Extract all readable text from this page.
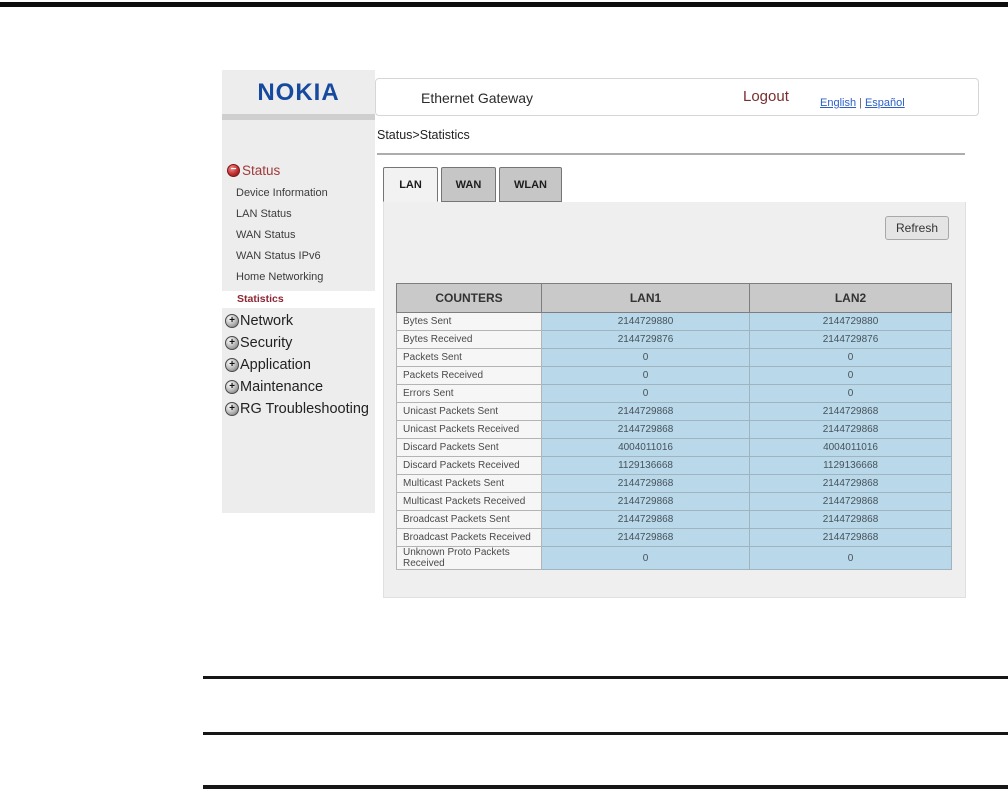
NOKIA	Ethernet Gateway	Logout	English | Español
− Status
Device Information
LAN Status
WAN Status
WAN Status IPv6
Home Networking
Statistics
+ Network
+ Security
+ Application
+ Maintenance
+ RG Troubleshooting
Status>Statistics
LAN	WAN	WLAN
Refresh
COUNTERS	LAN1	LAN2
Bytes Sent	2144729880	2144729880
Bytes Received	2144729876	2144729876
Packets Sent	0	0
Packets Received	0	0
Errors Sent	0	0
Unicast Packets Sent	2144729868	2144729868
Unicast Packets Received	2144729868	2144729868
Discard Packets Sent	4004011016	4004011016
Discard Packets Received	1129136668	1129136668
Multicast Packets Sent	2144729868	2144729868
Multicast Packets Received	2144729868	2144729868
Broadcast Packets Sent	2144729868	2144729868
Broadcast Packets Received	2144729868	2144729868
Unknown Proto Packets Received	0	0
